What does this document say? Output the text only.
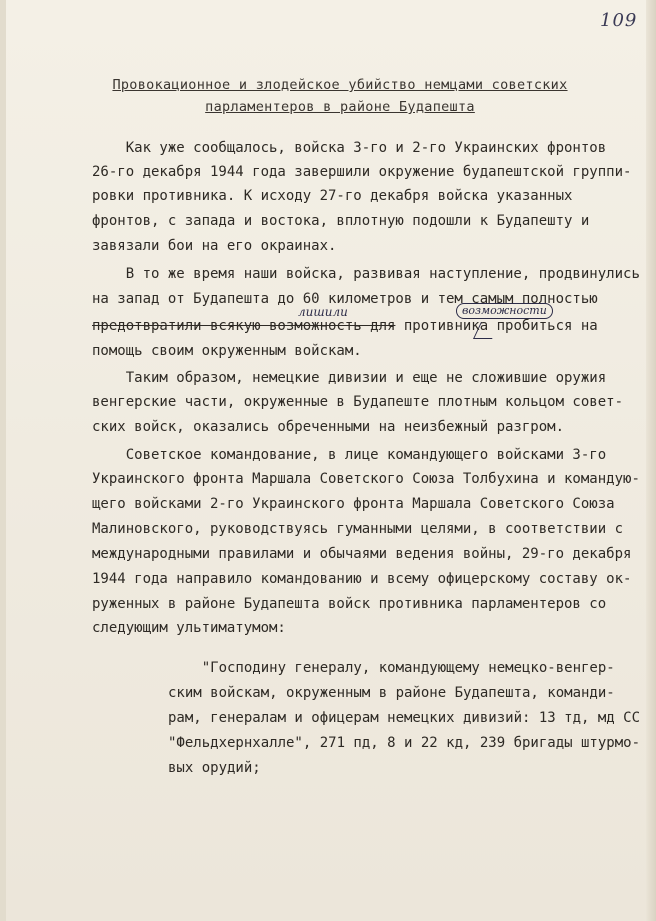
109
Провокационное и злодейское убийство немцами советских
парламентеров в районе Будапешта
Как уже сообщалось, войска 3-го и 2-го Украинских фронтов
26-го декабря 1944 года завершили окружение будапештской группи-
ровки противника. К исходу 27-го декабря войска указанных
фронтов, с запада и востока, вплотную подошли к Будапешту и
завязали бои на его окраинах.
В то же время наши войска, развивая наступление, продвинулись
на запад от Будапешта до 60 километров и тем самым полностью
лишили	возможности
предотвратили всякую возможность для противника пробиться на
помощь своим окруженным войскам.
Таким образом, немецкие дивизии и еще не сложившие оружия
венгерские части, окруженные в Будапеште плотным кольцом совет-
ских войск, оказались обреченными на неизбежный разгром.
Советское командование, в лице командующего войсками 3-го
Украинского фронта Маршала Советского Союза Толбухина и командую-
щего войсками 2-го Украинского фронта Маршала Советского Союза
Малиновского, руководствуясь гуманными целями, в соответствии с
международными правилами и обычаями ведения войны, 29-го декабря
1944 года направило командованию и всему офицерскому составу ок-
руженных в районе Будапешта войск противника парламентеров со
следующим ультиматумом:
"Господину генералу, командующему немецко-венгер-
ским войскам, окруженным в районе Будапешта, команди-
рам, генералам и офицерам немецких дивизий: 13 тд, мд СС
"Фельдхернхалле", 271 пд, 8 и 22 кд, 239 бригады штурмо-
вых орудий;
